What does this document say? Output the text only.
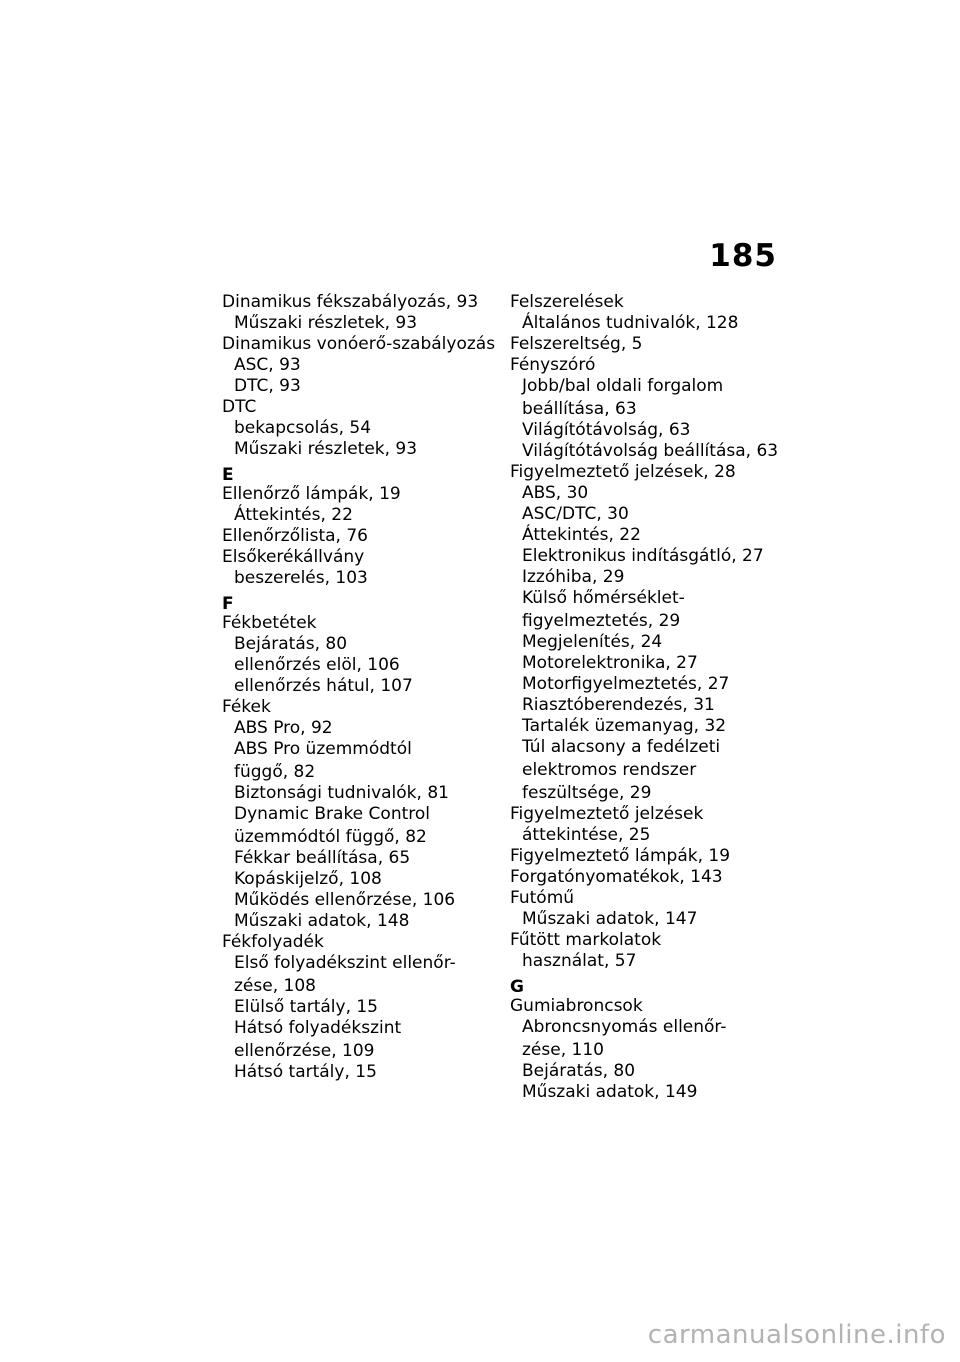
185
Dinamikus fékszabályozás, 93
Műszaki részletek, 93
Dinamikus vonóerő-szabályozás
ASC, 93
DTC, 93
DTC
bekapcsolás, 54
Műszaki részletek, 93
E
Ellenőrző lámpák, 19
Áttekintés, 22
Ellenőrzőlista, 76
Elsőkerékállvány
beszerelés, 103
F
Fékbetétek
Bejáratás, 80
ellenőrzés elöl, 106
ellenőrzés hátul, 107
Fékek
ABS Pro, 92
ABS Pro üzemmódtól
függő, 82
Biztonsági tudnivalók, 81
Dynamic Brake Control
üzemmódtól függő, 82
Fékkar beállítása, 65
Kopáskijelző, 108
Működés ellenőrzése, 106
Műszaki adatok, 148
Fékfolyadék
Első folyadékszint ellenőr-
zése, 108
Elülső tartály, 15
Hátsó folyadékszint
ellenőrzése, 109
Hátsó tartály, 15
Felszerelések
Általános tudnivalók, 128
Felszereltség, 5
Fényszóró
Jobb/bal oldali forgalom
beállítása, 63
Világítótávolság, 63
Világítótávolság beállítása, 63
Figyelmeztető jelzések, 28
ABS, 30
ASC/DTC, 30
Áttekintés, 22
Elektronikus indításgátló, 27
Izzóhiba, 29
Külső hőmérséklet-
figyelmeztetés, 29
Megjelenítés, 24
Motorelektronika, 27
Motorfigyelmeztetés, 27
Riasztóberendezés, 31
Tartalék üzemanyag, 32
Túl alacsony a fedélzeti
elektromos rendszer
feszültsége, 29
Figyelmeztető jelzések
áttekintése, 25
Figyelmeztető lámpák, 19
Forgatónyomatékok, 143
Futómű
Műszaki adatok, 147
Fűtött markolatok
használat, 57
G
Gumiabroncsok
Abroncsnyomás ellenőr-
zése, 110
Bejáratás, 80
Műszaki adatok, 149
carmanualsonline.info
